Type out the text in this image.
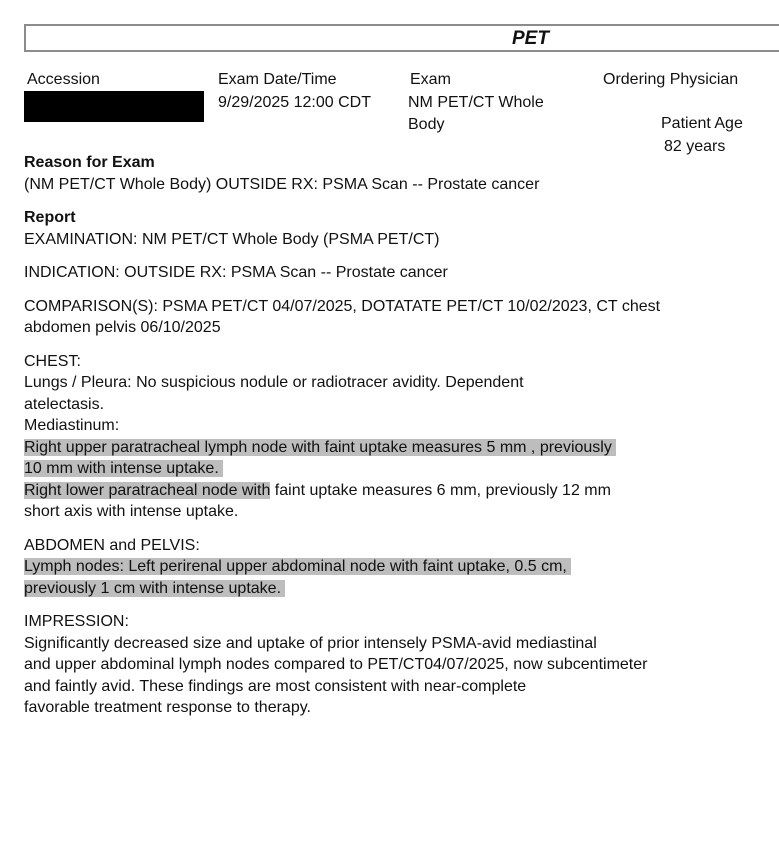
PET
Accession	Exam Date/Time
9/29/2025 12:00 CDT
Exam
NM PET/CT Whole
Body
Ordering Physician
Patient Age
82 years
Reason for Exam
(NM PET/CT Whole Body) OUTSIDE RX: PSMA Scan -- Prostate cancer
Report
EXAMINATION: NM PET/CT Whole Body (PSMA PET/CT)
INDICATION: OUTSIDE RX: PSMA Scan -- Prostate cancer
COMPARISON(S): PSMA PET/CT 04/07/2025, DOTATATE PET/CT 10/02/2023, CT chest
abdomen pelvis 06/10/2025
CHEST:
Lungs / Pleura: No suspicious nodule or radiotracer avidity. Dependent
atelectasis.
Mediastinum:
Right upper paratracheal lymph node with faint uptake measures 5 mm , previously
10 mm with intense uptake.
Right lower paratracheal node with faint uptake measures 6 mm, previously 12 mm
short axis with intense uptake.
ABDOMEN and PELVIS:
Lymph nodes: Left perirenal upper abdominal node with faint uptake, 0.5 cm,
previously 1 cm with intense uptake.
IMPRESSION:
Significantly decreased size and uptake of prior intensely PSMA-avid mediastinal
and upper abdominal lymph nodes compared to PET/CT04/07/2025, now subcentimeter
and faintly avid. These findings are most consistent with near-complete
favorable treatment response to therapy.
